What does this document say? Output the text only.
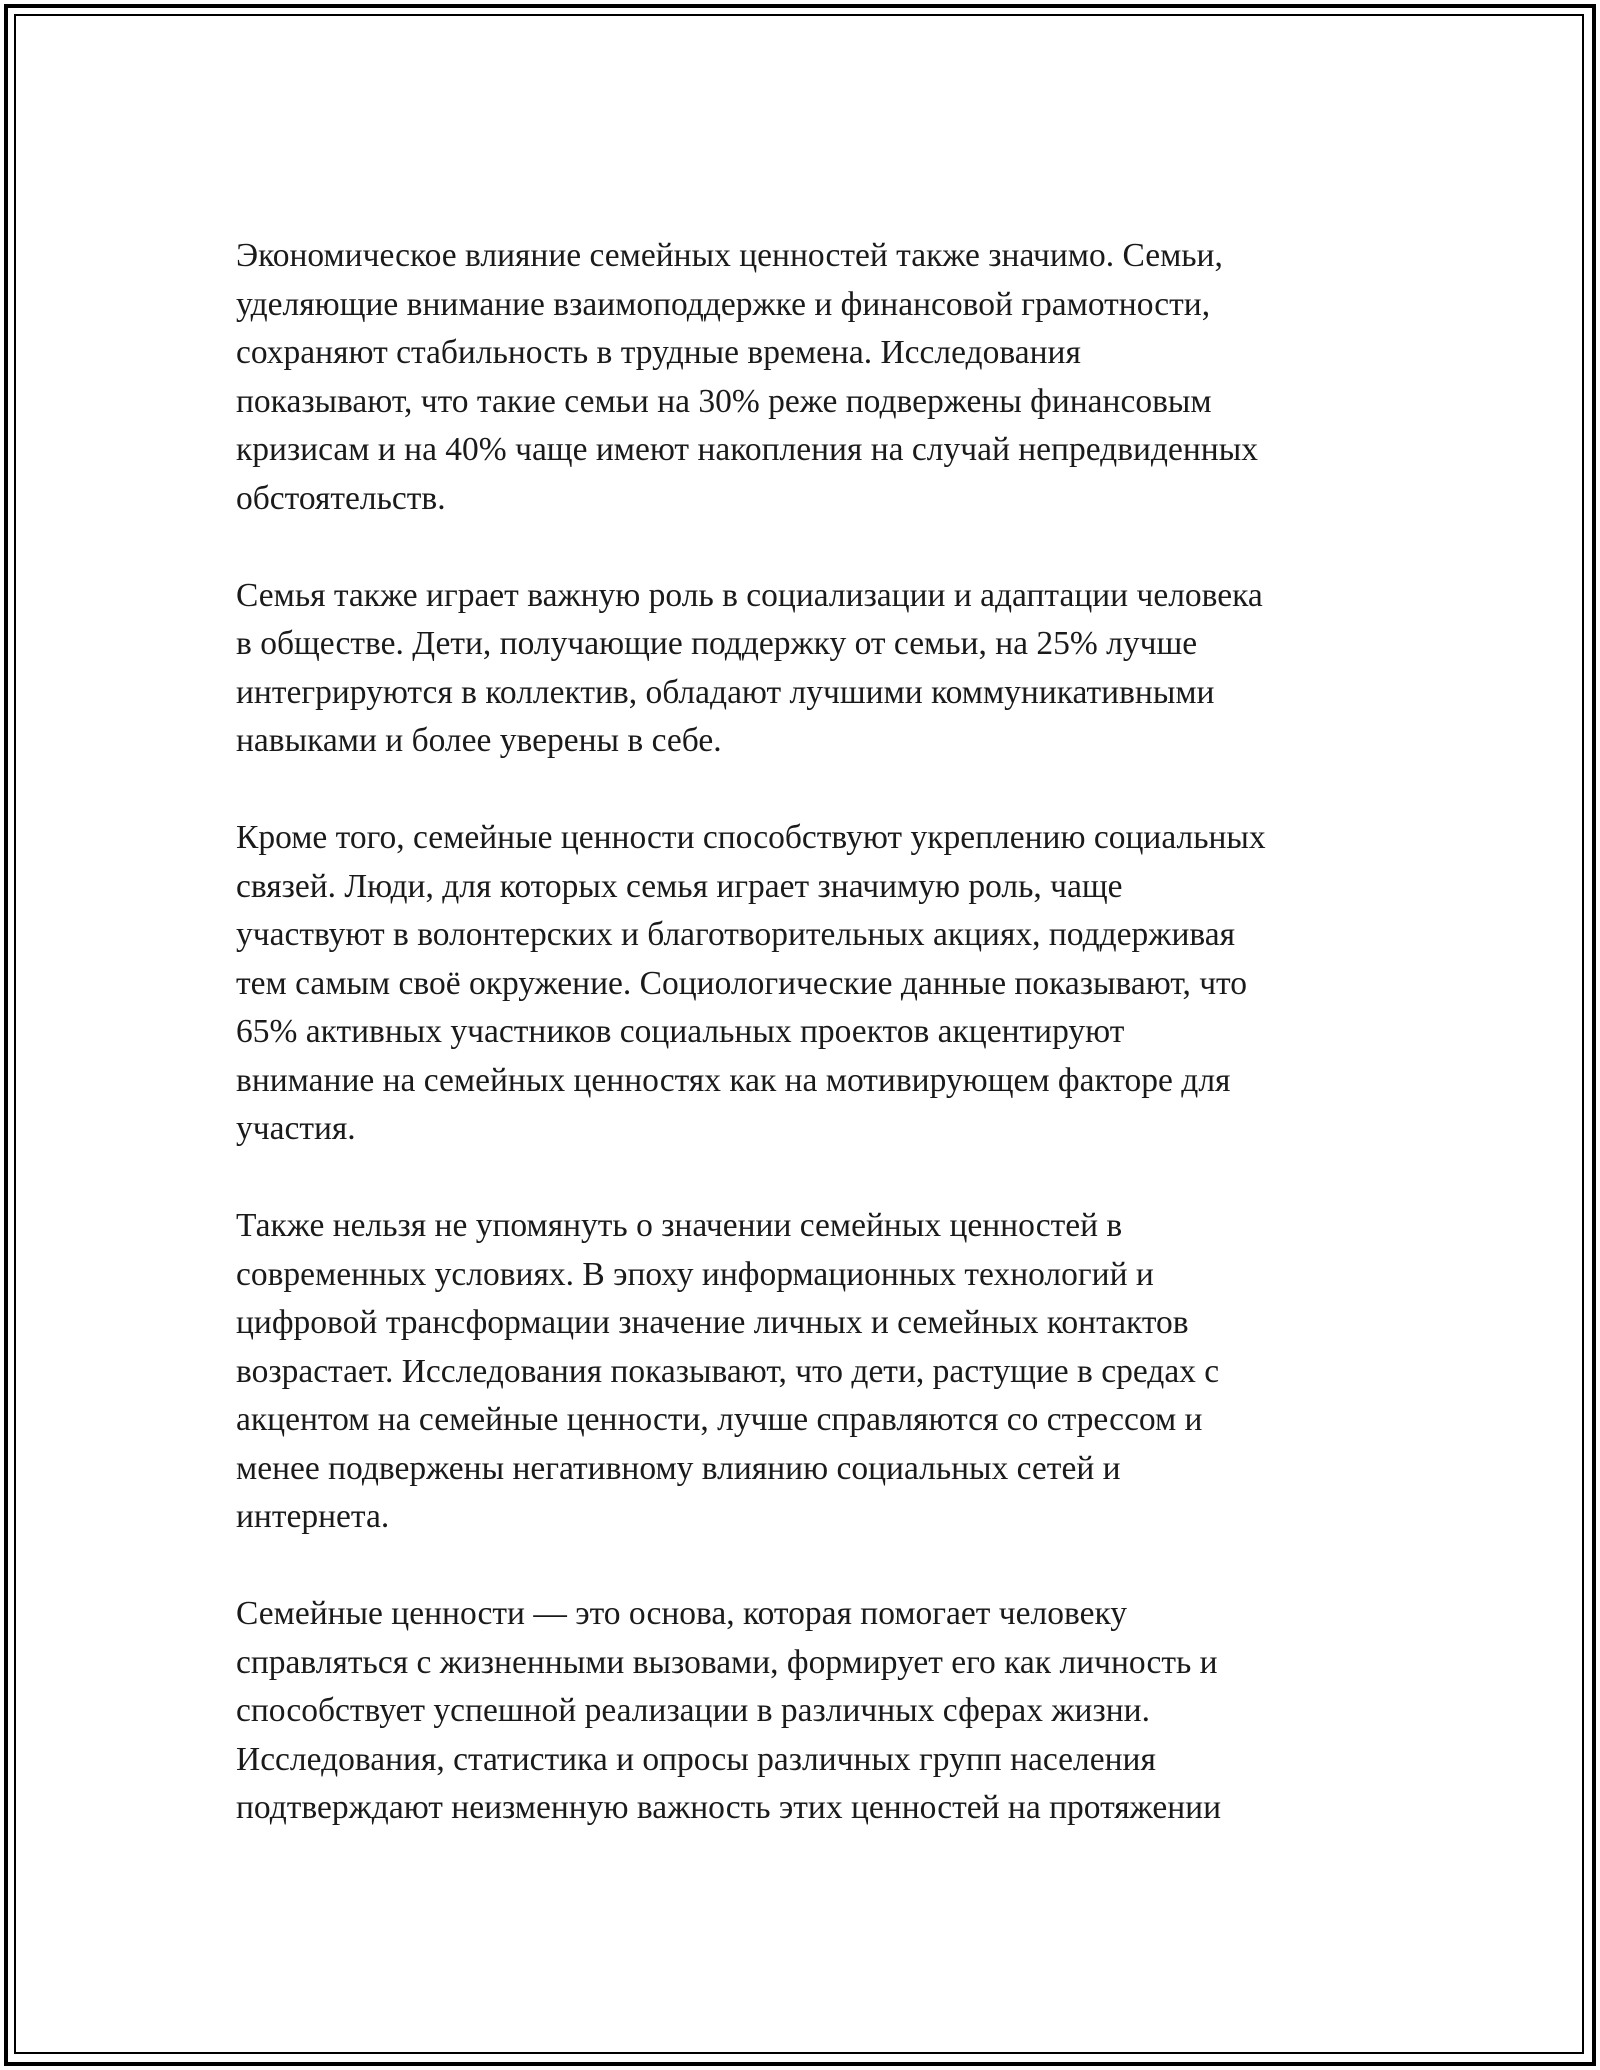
Экономическое влияние семейных ценностей также значимо. Семьи,
уделяющие внимание взаимоподдержке и финансовой грамотности,
сохраняют стабильность в трудные времена. Исследования
показывают, что такие семьи на 30% реже подвержены финансовым
кризисам и на 40% чаще имеют накопления на случай непредвиденных
обстоятельств.

Семья также играет важную роль в социализации и адаптации человека
в обществе. Дети, получающие поддержку от семьи, на 25% лучше
интегрируются в коллектив, обладают лучшими коммуникативными
навыками и более уверены в себе.

Кроме того, семейные ценности способствуют укреплению социальных
связей. Люди, для которых семья играет значимую роль, чаще
участвуют в волонтерских и благотворительных акциях, поддерживая
тем самым своё окружение. Социологические данные показывают, что
65% активных участников социальных проектов акцентируют
внимание на семейных ценностях как на мотивирующем факторе для
участия.

Также нельзя не упомянуть о значении семейных ценностей в
современных условиях. В эпоху информационных технологий и
цифровой трансформации значение личных и семейных контактов
возрастает. Исследования показывают, что дети, растущие в средах с
акцентом на семейные ценности, лучше справляются со стрессом и
менее подвержены негативному влиянию социальных сетей и
интернета.

Семейные ценности — это основа, которая помогает человеку
справляться с жизненными вызовами, формирует его как личность и
способствует успешной реализации в различных сферах жизни.
Исследования, статистика и опросы различных групп населения
подтверждают неизменную важность этих ценностей на протяжении
